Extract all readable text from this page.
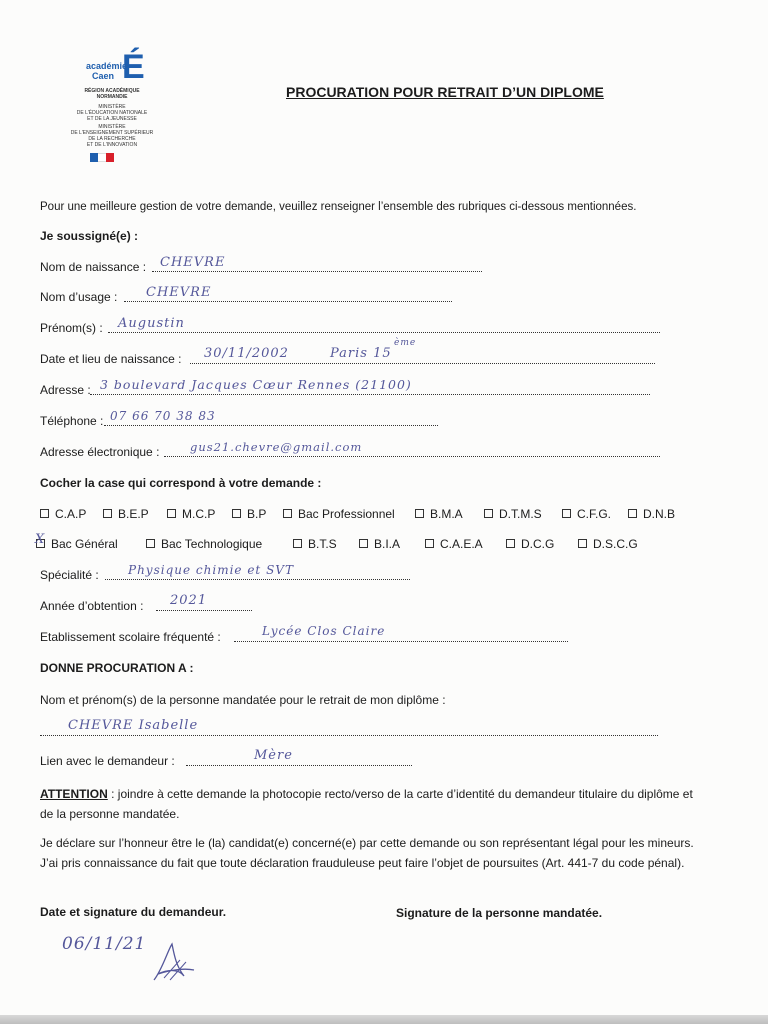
académie
Caen É
RÉGION ACADÉMIQUE
NORMANDIE
MINISTÈRE
DE L'ÉDUCATION NATIONALE
ET DE LA JEUNESSE
MINISTÈRE
DE L'ENSEIGNEMENT SUPÉRIEUR
DE LA RECHERCHE
ET DE L'INNOVATION
PROCURATION POUR RETRAIT D’UN DIPLOME
Pour une meilleure gestion de votre demande, veuillez renseigner l’ensemble des rubriques ci-dessous mentionnées.
Je soussigné(e) :
Nom de naissance : CHEVRE
Nom d’usage : CHEVRE
Prénom(s) : Augustin
Date et lieu de naissance : 30/11/2002	Paris 15
ème
Adresse : 3 boulevard Jacques Cœur Rennes (21100)
Téléphone : 07 66 70 38 83
Adresse électronique :	gus21.chevre@gmail.com
Cocher la case qui correspond à votre demande :
C.A.P	B.E.P	M.C.P	B.P	Bac Professionnel	B.M.A	D.T.M.S	C.F.G.	D.N.B
X Bac Général	Bac Technologique	B.T.S	B.I.A	C.A.E.A	D.C.G	D.S.C.G
Spécialité : Physique chimie et SVT
Année d’obtention : 2021
Etablissement scolaire fréquenté :	Lycée Clos Claire
DONNE PROCURATION A :
Nom et prénom(s) de la personne mandatée pour le retrait de mon diplôme :
CHEVRE Isabelle
Lien avec le demandeur :	Mère
ATTENTION : joindre à cette demande la photocopie recto/verso de la carte d’identité du demandeur titulaire du diplôme et de la personne mandatée.
Je déclare sur l’honneur être le (la) candidat(e) concerné(e) par cette demande ou son représentant légal pour les mineurs. J’ai pris connaissance du fait que toute déclaration frauduleuse peut faire l’objet de poursuites (Art. 441-7 du code pénal).
Date et signature du demandeur.	Signature de la personne mandatée.
06/11/21
